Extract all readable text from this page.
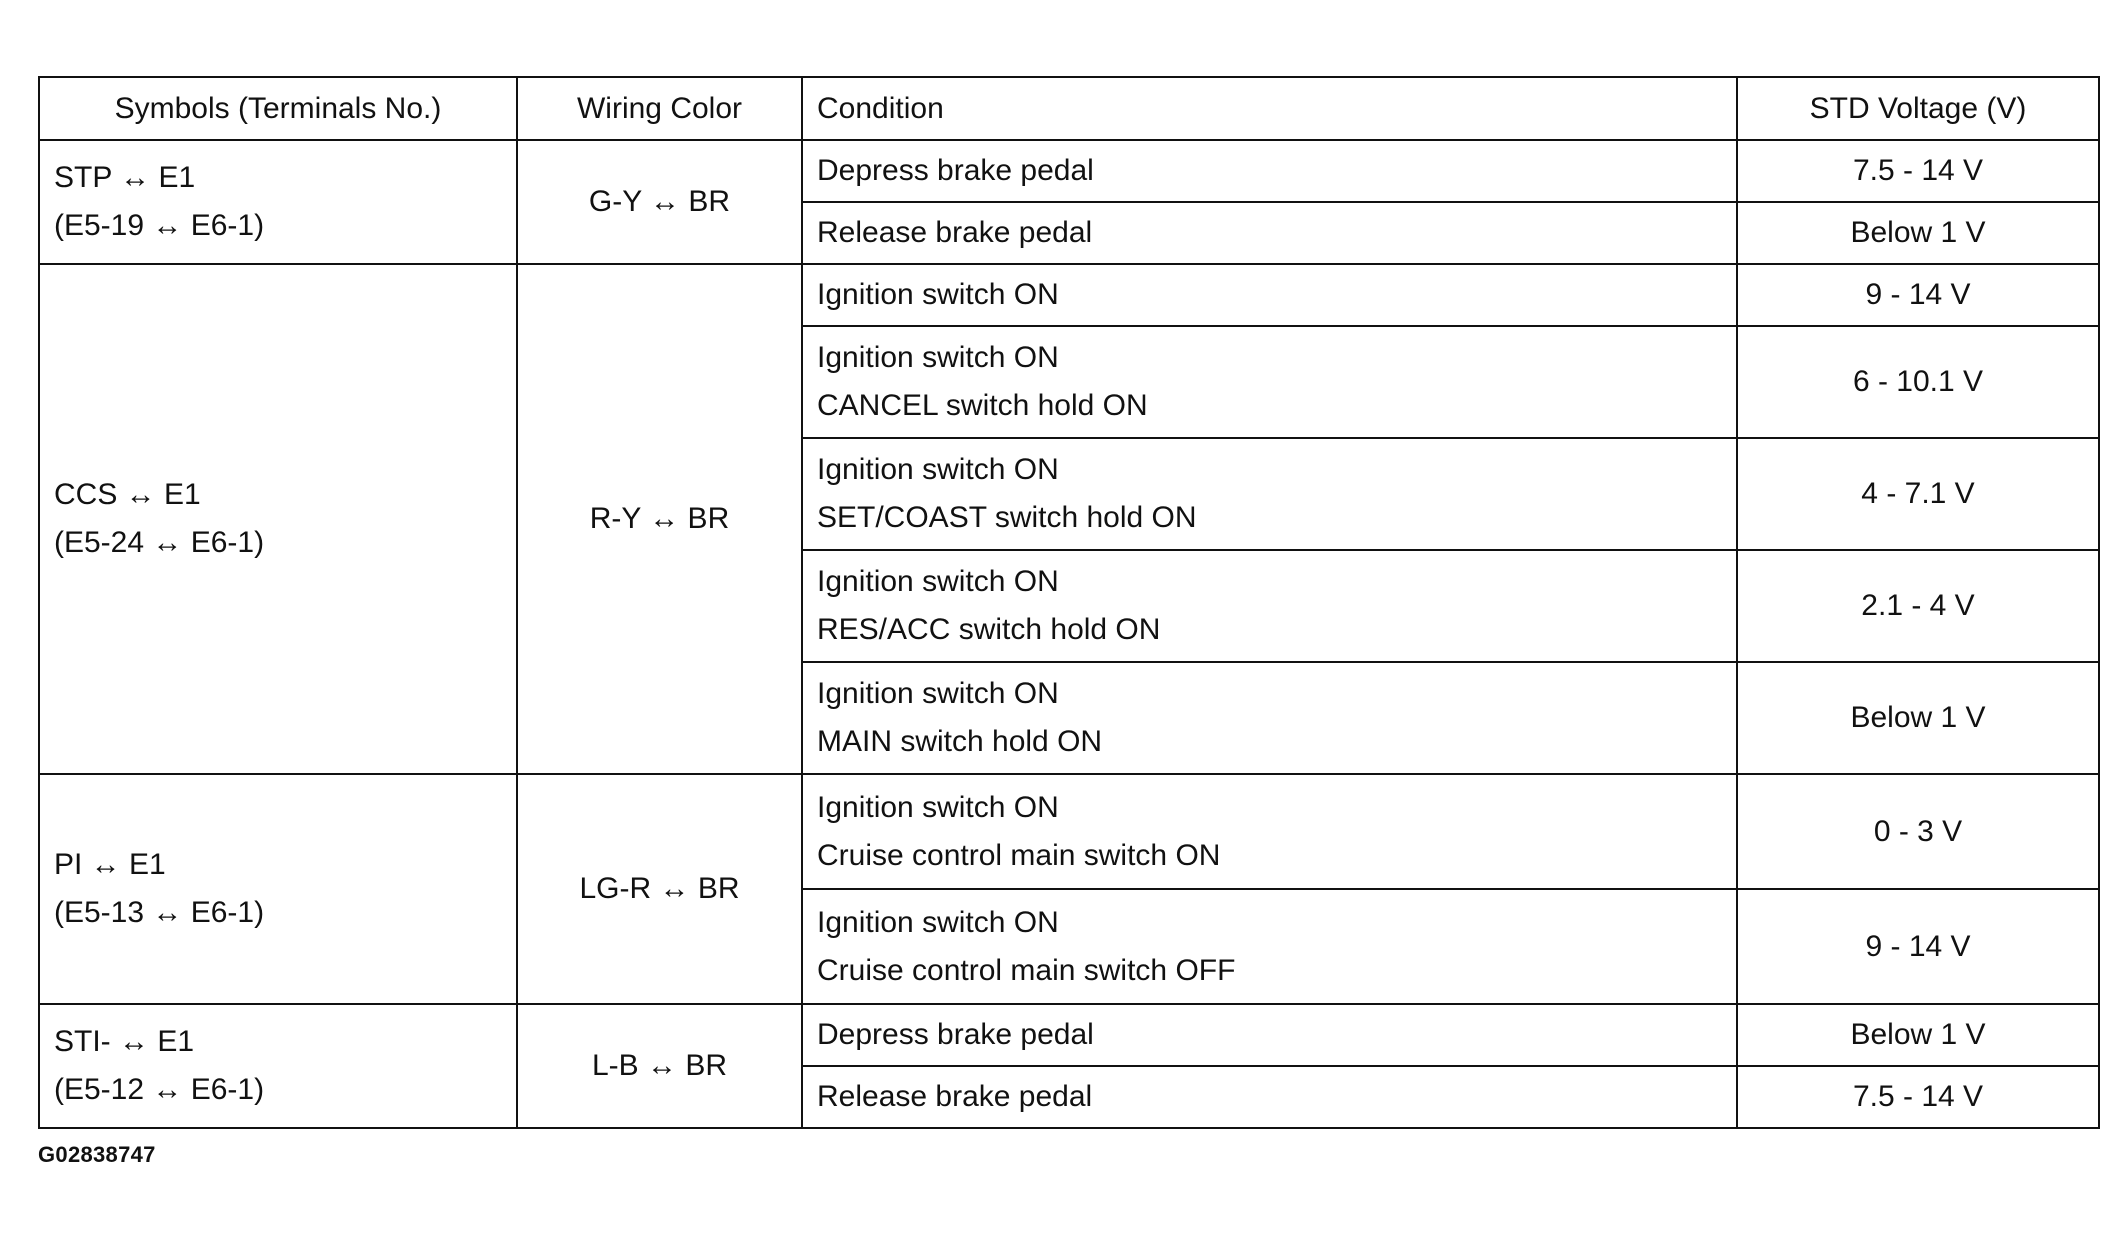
Symbols (Terminals No.)	Wiring Color	Condition	STD Voltage (V)

STP ↔ E1
(E5-19 ↔ E6-1)	G-Y ↔ BR	Depress brake pedal	7.5 - 14 V

		Release brake pedal	Below 1 V

CCS ↔ E1
(E5-24 ↔ E6-1)	R-Y ↔ BR	Ignition switch ON	9 - 14 V

		Ignition switch ON
CANCEL switch hold ON	6 - 10.1 V

		Ignition switch ON
SET/COAST switch hold ON	4 - 7.1 V

		Ignition switch ON
RES/ACC switch hold ON	2.1 - 4 V

		Ignition switch ON
MAIN switch hold ON	Below 1 V

PI ↔ E1
(E5-13 ↔ E6-1)	LG-R ↔ BR	Ignition switch ON
Cruise control main switch ON	0 - 3 V

		Ignition switch ON
Cruise control main switch OFF	9 - 14 V

STI- ↔ E1
(E5-12 ↔ E6-1)	L-B ↔ BR	Depress brake pedal	Below 1 V

		Release brake pedal	7.5 - 14 V
G02838747
